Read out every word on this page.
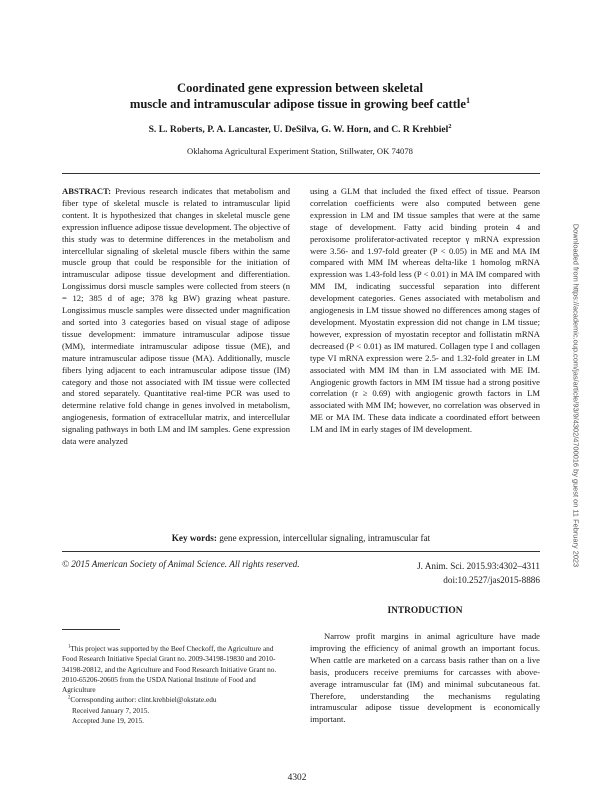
Coordinated gene expression between skeletal
muscle and intramuscular adipose tissue in growing beef cattle$^1$
S. L. Roberts, P. A. Lancaster, U. DeSilva, G. W. Horn, and C. R Krehbiel$^2$
Oklahoma Agricultural Experiment Station, Stillwater, OK 74078

ABSTRACT: Previous research indicates that metabolism and fiber type of skeletal muscle is related to intramuscular lipid content. It is hypothesized that changes in skeletal muscle gene expression influence adipose tissue development. The objective of this study was to determine differences in the metabolism and intercellular signaling of skeletal muscle fibers within the same muscle group that could be responsible for the initiation of intramuscular adipose tissue development and differentiation. Longissimus dorsi muscle samples were collected from steers (n = 12; 385 d of age; 378 kg BW) grazing wheat pasture. Longissimus muscle samples were dissected under magnification and sorted into 3 categories based on visual stage of adipose tissue development: immature intramuscular adipose tissue (MM), intermediate intramuscular adipose tissue (ME), and mature intramuscular adipose tissue (MA). Additionally, muscle fibers lying adjacent to each intramuscular adipose tissue (IM) category and those not associated with IM tissue were collected and stored separately. Quantitative real-time PCR was used to determine relative fold change in genes involved in metabolism, angiogenesis, formation of extracellular matrix, and intercellular signaling pathways in both LM and IM samples. Gene expression data were analyzed

using a GLM that included the fixed effect of tissue. Pearson correlation coefficients were also computed between gene expression in LM and IM tissue samples that were at the same stage of development. Fatty acid binding protein 4 and peroxisome proliferator-activated receptor γ mRNA expression were 3.56- and 1.97-fold greater (P < 0.05) in ME and MA IM compared with MM IM whereas delta-like 1 homolog mRNA expression was 1.43-fold less (P < 0.01) in MA IM compared with MM IM, indicating successful separation into different development categories. Genes associated with metabolism and angiogenesis in LM tissue showed no differences among stages of development. Myostatin expression did not change in LM tissue; however, expression of myostatin receptor and follistatin mRNA decreased (P < 0.01) as IM matured. Collagen type I and collagen type VI mRNA expression were 2.5- and 1.32-fold greater in LM associated with MM IM than in LM associated with ME IM. Angiogenic growth factors in MM IM tissue had a strong positive correlation (r ≥ 0.69) with angiogenic growth factors in LM associated with MM IM; however, no correlation was observed in ME or MA IM. These data indicate a coordinated effort between LM and IM in early stages of IM development.

Key words: gene expression, intercellular signaling, intramuscular fat
© 2015 American Society of Animal Science. All rights reserved.	J. Anim. Sci. 2015.93:4302–4311
doi:10.2527/jas2015-8886
INTRODUCTION
Narrow profit margins in animal agriculture have made improving the efficiency of animal growth an important focus. When cattle are marketed on a carcass basis rather than on a live basis, producers receive premiums for carcasses with above-average intramuscular fat (IM) and minimal subcutaneous fat. Therefore, understanding the mechanisms regulating intramuscular adipose tissue development is economically important.

$^1$This project was supported by the Beef Checkoff, the Agriculture and Food Research Initiative Special Grant no. 2009-34198-19830 and 2010-34198-20812, and the Agriculture and Food Research Initiative Grant no. 2010-65206-20605 from the USDA National Institute of Food and Agriculture

$^2$Corresponding author: clint.krehbiel@okstate.edu

Received January 7, 2015.

Accepted June 19, 2015.

4302
Downloaded from https://academic.oup.com/jas/article/93/9/4302/4700016 by guest on 11 February 2023
